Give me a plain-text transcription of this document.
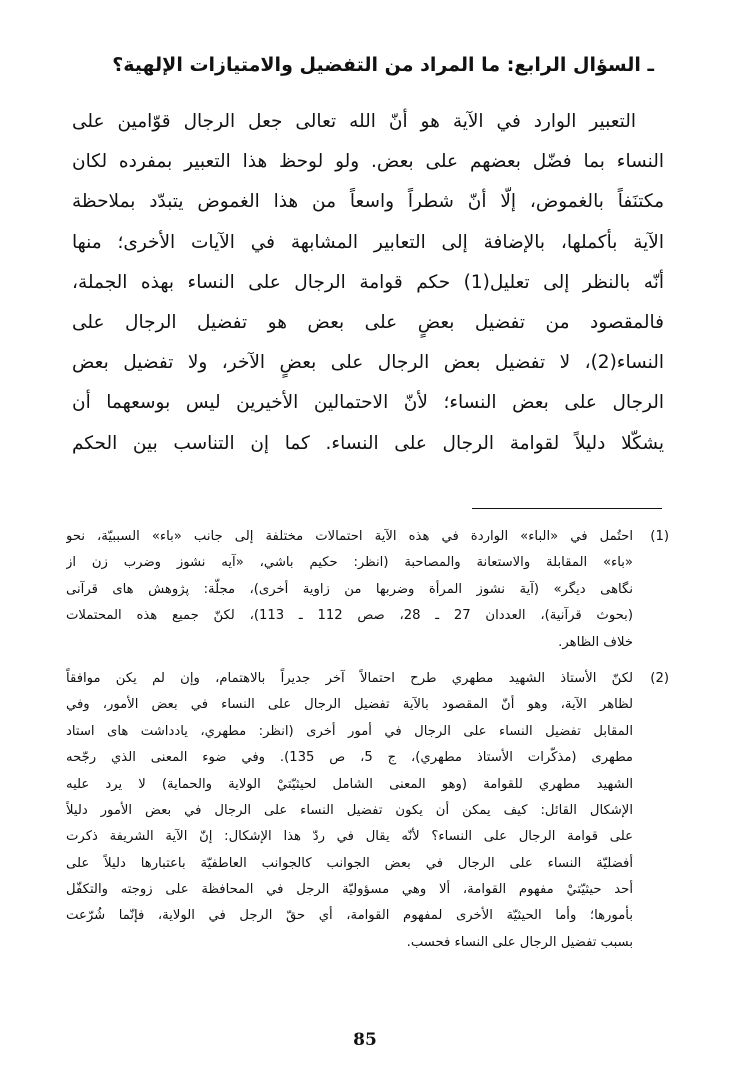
ـ السؤال الرابع: ما المراد من التفضيل والامتيازات الإلهية؟
التعبير الوارد في الآية هو أنّ الله تعالى جعل الرجال قوّامين على
النساء بما فضّل بعضهم على بعض. ولو لوحظ هذا التعبير بمفرده لكان
مكتنَفاً بالغموض، إلّا أنّ شطراً واسعاً من هذا الغموض يتبدّد بملاحظة
الآية بأكملها، بالإضافة إلى التعابير المشابهة في الآيات الأخرى؛ منها
أنّه بالنظر إلى تعليل(1) حكم قوامة الرجال على النساء بهذه الجملة،
فالمقصود من تفضيل بعضٍ على بعض هو تفضيل الرجال على
النساء(2)، لا تفضيل بعض الرجال على بعضٍ الآخر، ولا تفضيل بعض
الرجال على بعض النساء؛ لأنّ الاحتمالين الأخيرين ليس بوسعهما أن
يشكّلا دليلاً لقوامة الرجال على النساء. كما إن التناسب بين الحكم
(1)
احتُمل في «الباء» الواردة في هذه الآية احتمالات مختلفة إلى جانب «باء» السببيّة، نحو
«باء» المقابلة والاستعانة والمصاحبة (انظر: حكيم باشي، «آيه نشوز وضرب زن از
نگاهى ديگر» (آية نشوز المرأة وضربها من زاوية أخرى)، مجلّة: پژوهش هاى قرآنى
(بحوث قرآنية)، العددان 27 ـ 28، صص 112 ـ 113)، لكنّ جميع هذه المحتملات
خلاف الظاهر.
(2)
لكنّ الأستاذ الشهيد مطهري طرح احتمالاً آخر جديراً بالاهتمام، وإن لم يكن موافقاً
لظاهر الآية، وهو أنّ المقصود بالآية تفضيل الرجال على النساء في بعض الأمور، وفي
المقابل تفضيل النساء على الرجال في أمور أخرى (انظر: مطهري، يادداشت هاى استاد
مطهرى (مذكّرات الأستاذ مطهري)، ج 5، ص 135). وفي ضوء المعنى الذي رجّحه
الشهيد مطهري للقوامة (وهو المعنى الشامل لحيثيّتيْ الولاية والحماية) لا يرد عليه
الإشكال القائل: كيف يمكن أن يكون تفضيل النساء على الرجال في بعض الأمور دليلاً
على قوامة الرجال على النساء؟ لأنّه يقال في ردّ هذا الإشكال: إنّ الآية الشريفة ذكرت
أفضليّة النساء على الرجال في بعض الجوانب كالجوانب العاطفيّة باعتبارها دليلاً على
أحد حيثيّتيْ مفهوم القوامة، ألا وهي مسؤوليّة الرجل في المحافظة على زوجته والتكفّل
بأمورها؛ وأما الحيثيّة الأخرى لمفهوم القوامة، أي حقّ الرجل في الولاية، فإنّما شُرّعت
بسبب تفضيل الرجال على النساء فحسب.
85
